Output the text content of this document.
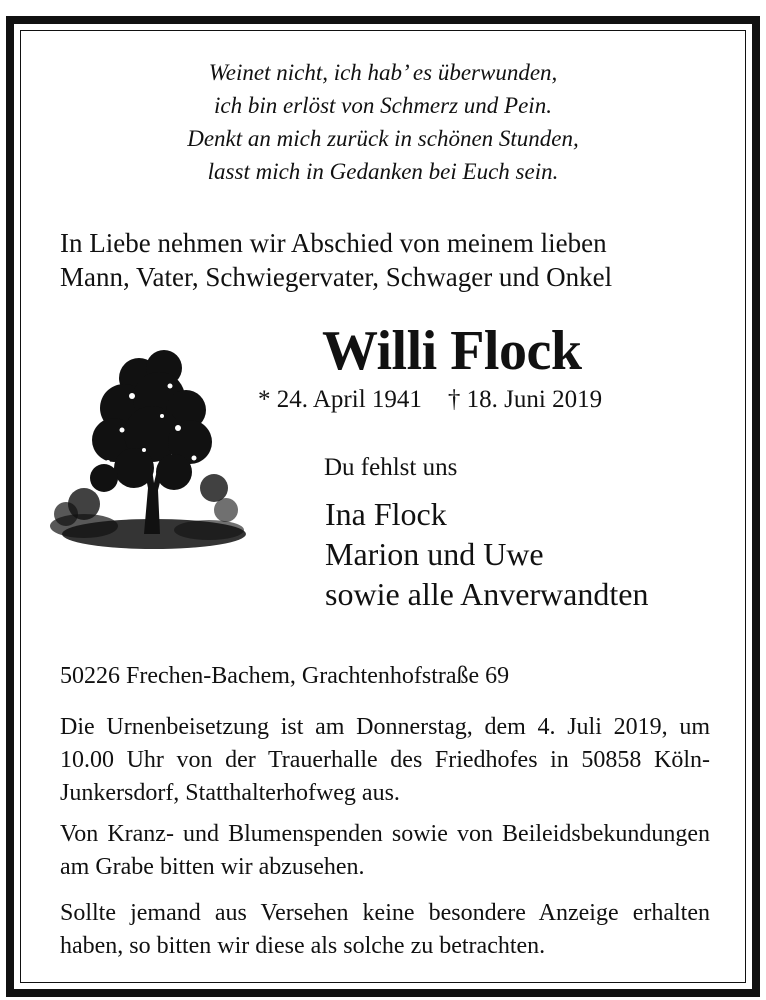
Weinet nicht, ich hab’ es überwunden,
ich bin erlöst von Schmerz und Pein.
Denkt an mich zurück in schönen Stunden,
lasst mich in Gedanken bei Euch sein.
In Liebe nehmen wir Abschied von meinem lieben
Mann, Vater, Schwiegervater, Schwager und Onkel
Willi Flock
* 24. April 1941 † 18. Juni 2019
Du fehlst uns
Ina Flock
Marion und Uwe
sowie alle Anverwandten
50226 Frechen-Bachem, Grachtenhofstraße 69
Die Urnenbeisetzung ist am Donnerstag, dem 4. Juli 2019, um 10.00 Uhr von der Trauerhalle des Friedhofes in 50858 Köln-Junkersdorf, Statthalterhofweg aus.
Von Kranz- und Blumenspenden sowie von Beileidsbekundungen am Grabe bitten wir abzusehen.
Sollte jemand aus Versehen keine besondere Anzeige erhalten haben, so bitten wir diese als solche zu betrachten.
